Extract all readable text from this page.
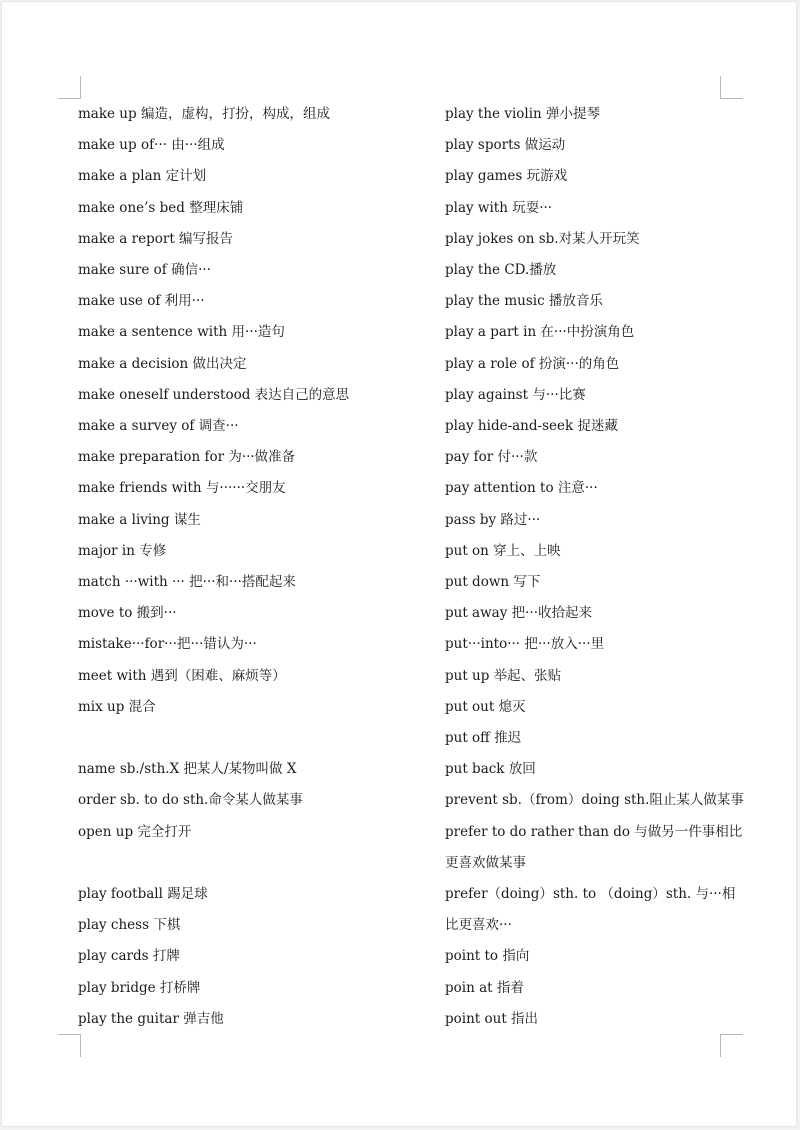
make up 编造，虚构，打扮，构成，组成
make up of··· 由···组成
make a plan 定计划
make one’s bed 整理床铺
make a report 编写报告
make sure of 确信···
make use of 利用···
make a sentence with 用···造句
make a decision 做出决定
make oneself understood 表达自己的意思
make a survey of 调查···
make preparation for 为···做准备
make friends with 与······交朋友
make a living 谋生
major in 专修
match ···with ··· 把···和···搭配起来
move to 搬到···
mistake···for···把···错认为···
meet with 遇到（困难、麻烦等）
mix up 混合
name sb./sth.X 把某人/某物叫做 X
order sb. to do sth.命令某人做某事
open up 完全打开
play football 踢足球
play chess 下棋
play cards 打牌
play bridge 打桥牌
play the guitar 弹吉他
play the violin 弹小提琴
play sports 做运动
play games 玩游戏
play with 玩耍···
play jokes on sb.对某人开玩笑
play the CD.播放
play the music 播放音乐
play a part in 在···中扮演角色
play a role of 扮演···的角色
play against 与···比赛
play hide-and-seek 捉迷藏
pay for 付···款
pay attention to 注意···
pass by 路过···
put on 穿上、上映
put down 写下
put away 把···收拾起来
put···into··· 把···放入···里
put up 举起、张贴
put out 熄灭
put off 推迟
put back 放回
prevent sb.（from）doing sth.阻止某人做某事
prefer to do rather than do 与做另一件事相比更喜欢做某事
prefer（doing）sth. to （doing）sth. 与···相比更喜欢···
point to 指向
poin at 指着
point out 指出
